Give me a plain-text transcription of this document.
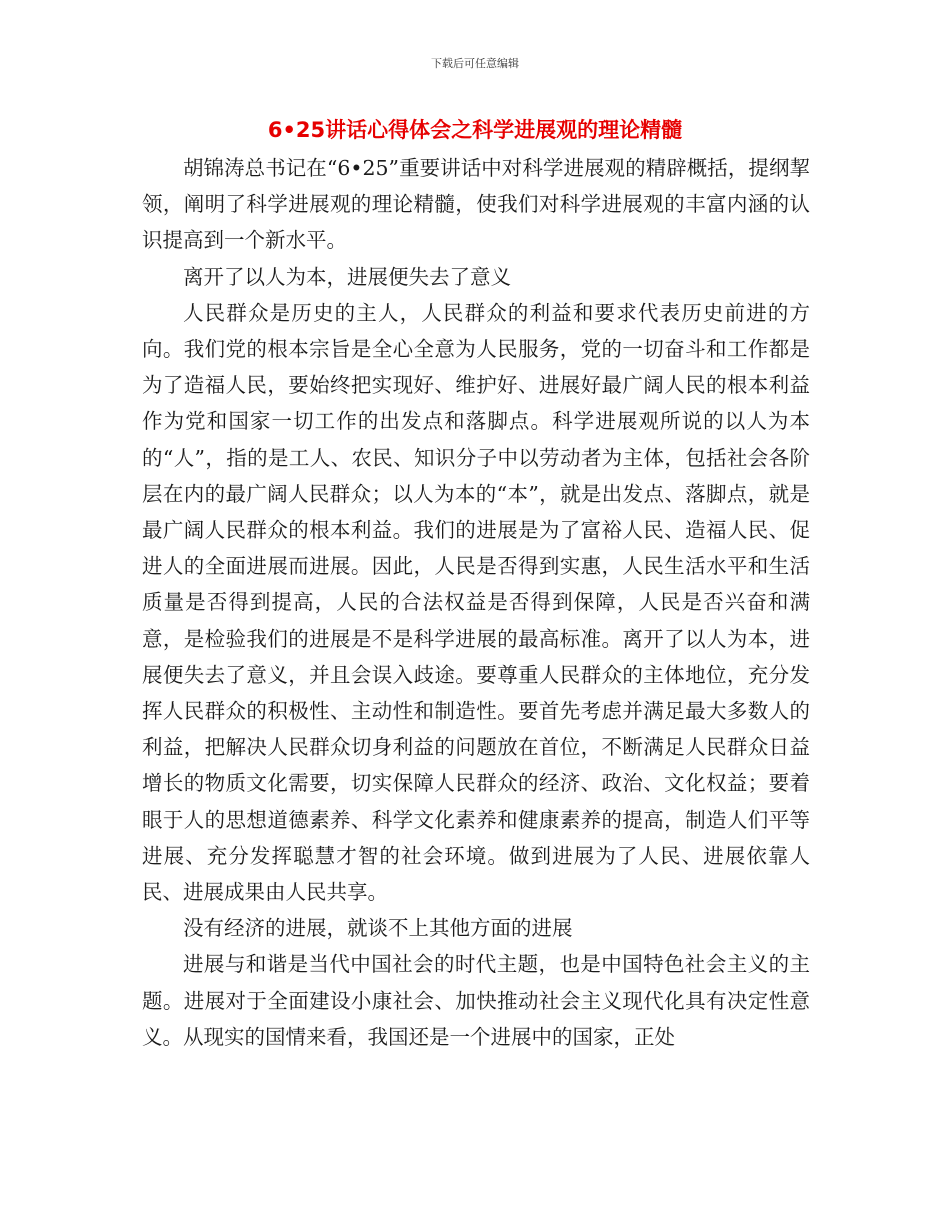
下载后可任意编辑
6•25讲话心得体会之科学进展观的理论精髓

胡锦涛总书记在“6•25”重要讲话中对科学进展观的精辟概括，提纲挈领，阐明了科学进展观的理论精髓，使我们对科学进展观的丰富内涵的认识提高到一个新水平。

离开了以人为本，进展便失去了意义

人民群众是历史的主人，人民群众的利益和要求代表历史前进的方向。我们党的根本宗旨是全心全意为人民服务，党的一切奋斗和工作都是为了造福人民，要始终把实现好、维护好、进展好最广阔人民的根本利益作为党和国家一切工作的出发点和落脚点。科学进展观所说的以人为本的“人”，指的是工人、农民、知识分子中以劳动者为主体，包括社会各阶层在内的最广阔人民群众；以人为本的“本”，就是出发点、落脚点，就是最广阔人民群众的根本利益。我们的进展是为了富裕人民、造福人民、促进人的全面进展而进展。因此，人民是否得到实惠，人民生活水平和生活质量是否得到提高，人民的合法权益是否得到保障，人民是否兴奋和满意，是检验我们的进展是不是科学进展的最高标准。离开了以人为本，进展便失去了意义，并且会误入歧途。要尊重人民群众的主体地位，充分发挥人民群众的积极性、主动性和制造性。要首先考虑并满足最大多数人的利益，把解决人民群众切身利益的问题放在首位，不断满足人民群众日益增长的物质文化需要，切实保障人民群众的经济、政治、文化权益；要着眼于人的思想道德素养、科学文化素养和健康素养的提高，制造人们平等进展、充分发挥聪慧才智的社会环境。做到进展为了人民、进展依靠人民、进展成果由人民共享。

没有经济的进展，就谈不上其他方面的进展

进展与和谐是当代中国社会的时代主题，也是中国特色社会主义的主题。进展对于全面建设小康社会、加快推动社会主义现代化具有决定性意义。从现实的国情来看，我国还是一个进展中的国家，正处
